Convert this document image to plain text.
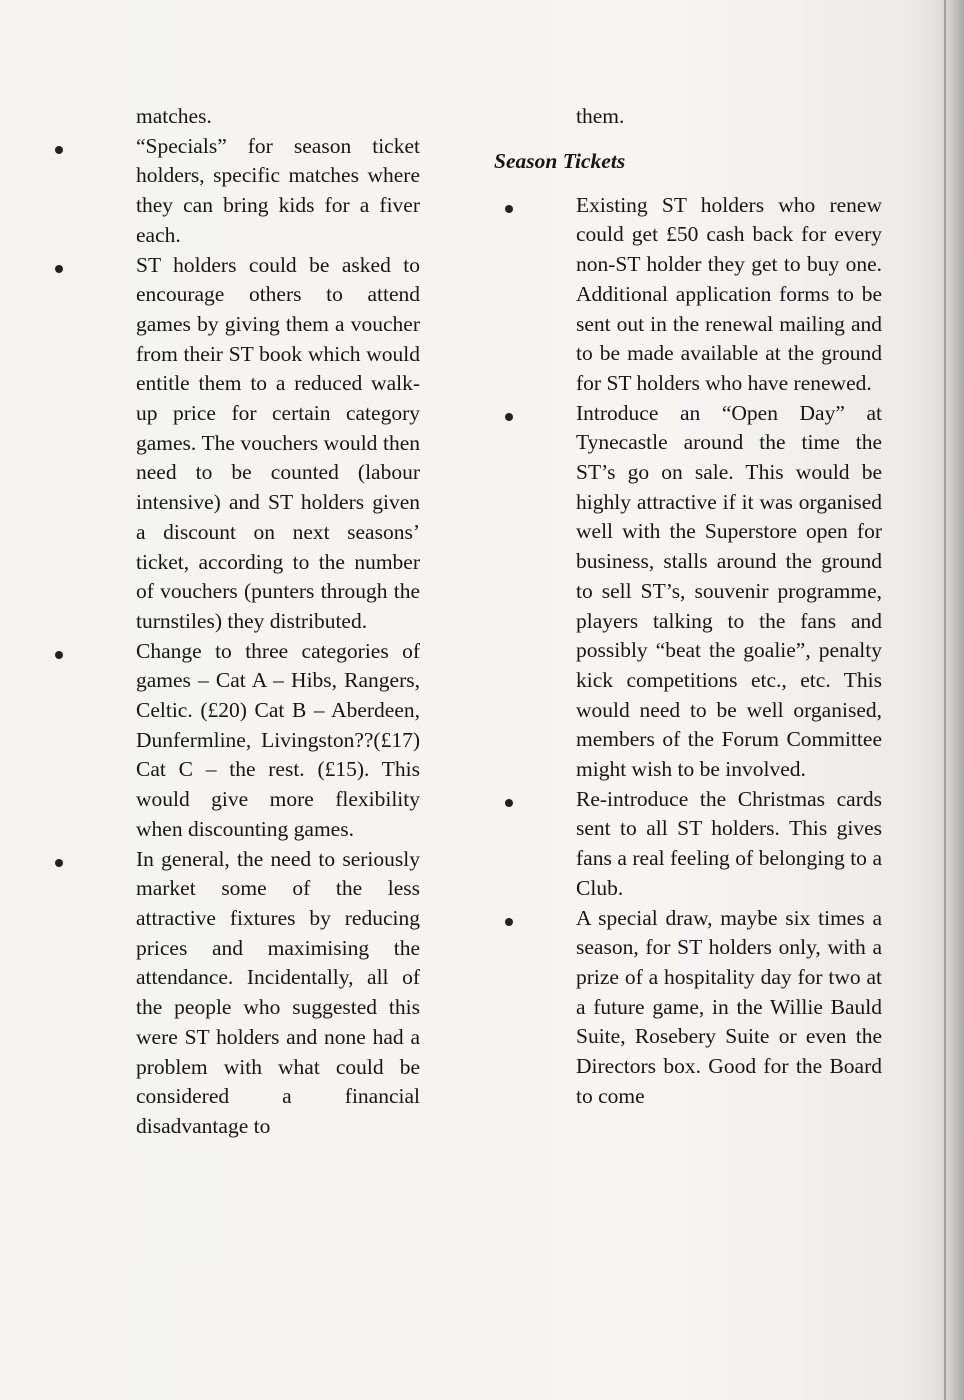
matches.

“Specials” for season ticket holders, specific matches where they can bring kids for a fiver each.
ST holders could be asked to encourage others to attend games by giving them a voucher from their ST book which would entitle them to a reduced walk-up price for certain category games. The vouchers would then need to be counted (labour intensive) and ST holders given a discount on next seasons’ ticket, according to the number of vouchers (punters through the turnstiles) they distributed.
Change to three categories of games – Cat A – Hibs, Rangers, Celtic. (£20) Cat B – Aberdeen, Dunfermline, Livingston??(£17) Cat C – the rest. (£15). This would give more flexibility when discounting games.
In general, the need to seriously market some of the less attractive fixtures by reducing prices and maximising the attendance. Incidentally, all of the people who suggested this were ST holders and none had a problem with what could be considered a financial disadvantage to

them.

Season Tickets

Existing ST holders who renew could get £50 cash back for every non-ST holder they get to buy one. Additional application forms to be sent out in the renewal mailing and to be made available at the ground for ST holders who have renewed.
Introduce an “Open Day” at Tynecastle around the time the ST’s go on sale. This would be highly attractive if it was organised well with the Superstore open for business, stalls around the ground to sell ST’s, souvenir programme, players talking to the fans and possibly “beat the goalie”, penalty kick competitions etc., etc. This would need to be well organised, members of the Forum Committee might wish to be involved.
Re-introduce the Christmas cards sent to all ST holders. This gives fans a real feeling of belonging to a Club.
A special draw, maybe six times a season, for ST holders only, with a prize of a hospitality day for two at a future game, in the Willie Bauld Suite, Rosebery Suite or even the Directors box. Good for the Board to come
